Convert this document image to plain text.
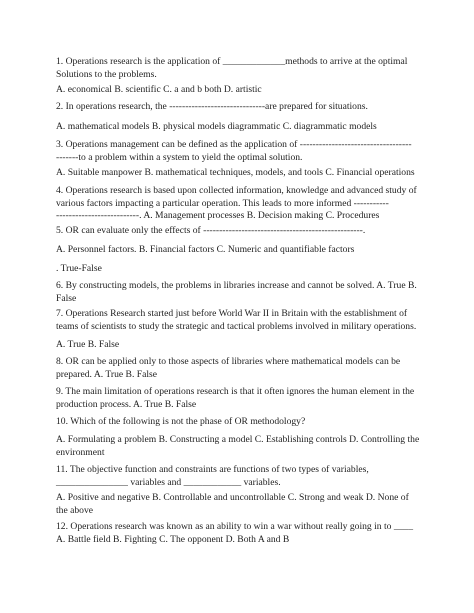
1. Operations research is the application of _____________methods to arrive at the optimal Solutions to the problems.

A. economical B. scientific C. a and b both D. artistic

2. In operations research, the ------------------------------are prepared for situations.

A. mathematical models B. physical models diagrammatic C. diagrammatic models

3. Operations management can be defined as the application of -----------------------------------
-------to a problem within a system to yield the optimal solution.

A. Suitable manpower B. mathematical techniques, models, and tools C. Financial operations

4. Operations research is based upon collected information, knowledge and advanced study of various factors impacting a particular operation. This leads to more informed -----------
--------------------------. A. Management processes B. Decision making C. Procedures

5. OR can evaluate only the effects of --------------------------------------------------.

A. Personnel factors. B. Financial factors C. Numeric and quantifiable factors

. True-False

6. By constructing models, the problems in libraries increase and cannot be solved. A. True B. False

7. Operations Research started just before World War II in Britain with the establishment of teams of scientists to study the strategic and tactical problems involved in military operations.

A. True B. False

8. OR can be applied only to those aspects of libraries where mathematical models can be prepared. A. True B. False

9. The main limitation of operations research is that it often ignores the human element in the production process. A. True B. False

10. Which of the following is not the phase of OR methodology?

A. Formulating a problem B. Constructing a model C. Establishing controls D. Controlling the environment

11. The objective function and constraints are functions of two types of variables, _______________ variables and ____________ variables.

A. Positive and negative B. Controllable and uncontrollable C. Strong and weak D. None of the above

12. Operations research was known as an ability to win a war without really going in to ____ A. Battle field B. Fighting C. The opponent D. Both A and B
